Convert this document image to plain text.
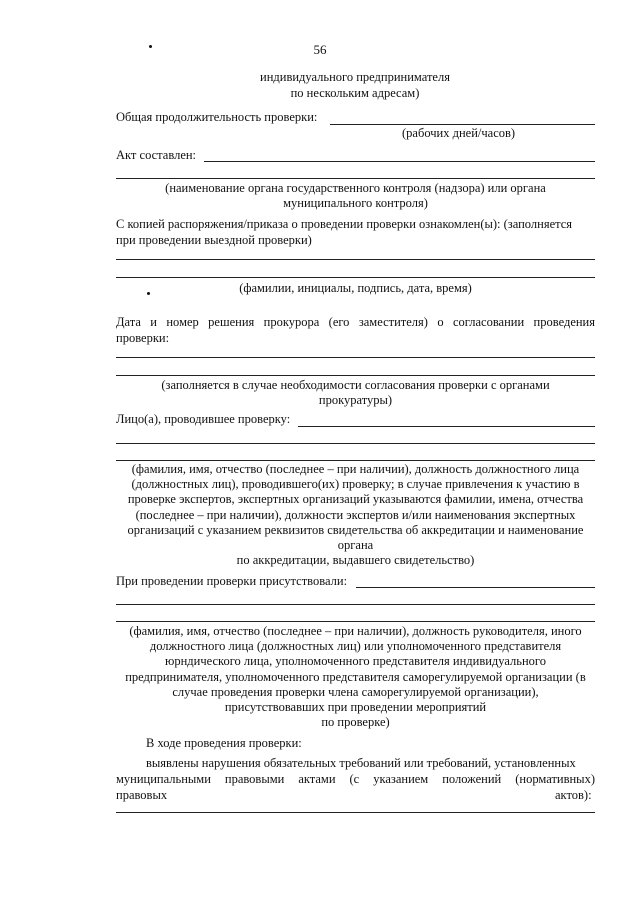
56
индивидуального предпринимателя
по нескольким адресам)
Общая продолжительность проверки:
(рабочих дней/часов)
Акт составлен:
(наименование органа государственного контроля (надзора) или органа
муниципального контроля)
С копией распоряжения/приказа о проведении проверки ознакомлен(ы): (заполняется
при проведении выездной проверки)
(фамилии, инициалы, подпись, дата, время)
Дата и номер решения прокурора (его заместителя) о согласовании проведения
проверки:
(заполняется в случае необходимости согласования проверки с органами
прокуратуры)
Лицо(а), проводившее проверку:
(фамилия, имя, отчество (последнее – при наличии), должность должностного лица
(должностных лиц), проводившего(их) проверку; в случае привлечения к участию в
проверке экспертов, экспертных организаций указываются фамилии, имена, отчества
(последнее – при наличии), должности экспертов и/или наименования экспертных
организаций с указанием реквизитов свидетельства об аккредитации и наименование
органа
по аккредитации, выдавшего свидетельство)
При проведении проверки присутствовали:
(фамилия, имя, отчество (последнее – при наличии), должность руководителя, иного
должностного лица (должностных лиц) или уполномоченного представителя
юрндического лица, уполномоченного представителя индивидуального
предпринимателя, уполномоченного представителя саморегулируемой организации (в
случае проведения проверки члена саморегулируемой организации),
присутствовавших при проведении мероприятий
по проверке)
В ходе проведения проверки:
выявлены нарушения обязательных требований или требований, установленных
муниципальными правовыми актами (с указанием положений (нормативных)
правовых	актов):
